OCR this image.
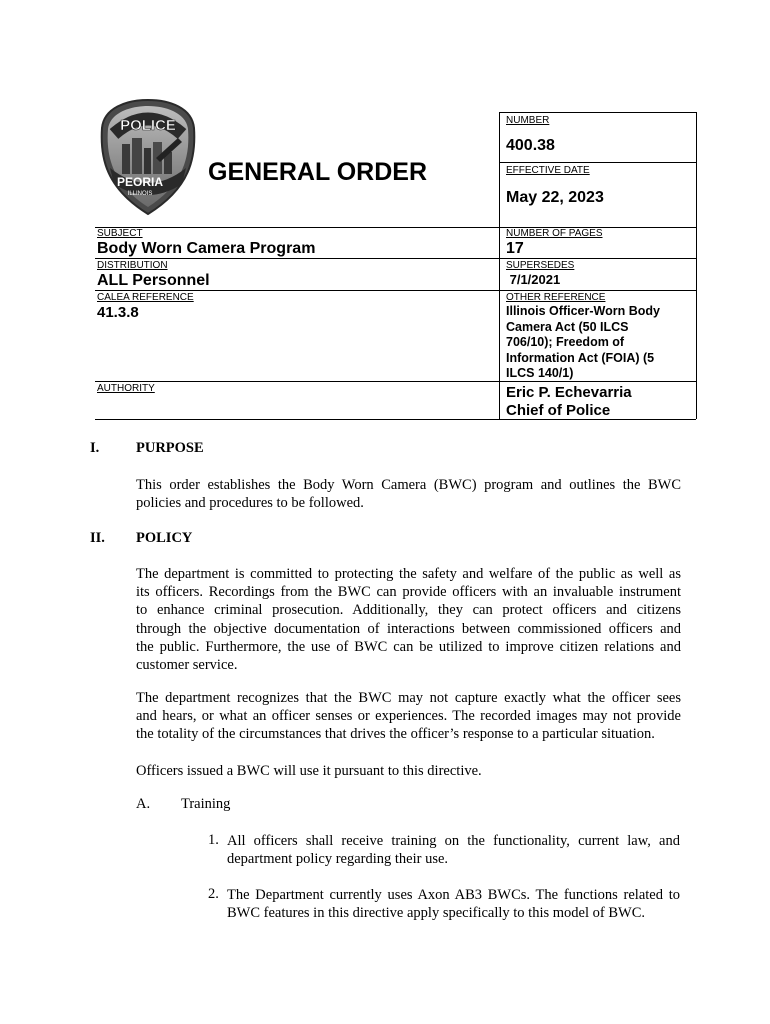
POLICE
PEORIA
ILLINOIS
GENERAL ORDER
NUMBER
400.38
EFFECTIVE DATE
May 22, 2023
NUMBER OF PAGES
17
SUPERSEDES
7/1/2021
OTHER REFERENCE
Illinois Officer-Worn Body
Camera Act (50 ILCS
706/10); Freedom of
Information Act (FOIA) (5
ILCS 140/1)
Eric P. Echevarria
Chief of Police
SUBJECT
Body Worn Camera Program
DISTRIBUTION
ALL Personnel
CALEA REFERENCE
41.3.8
AUTHORITY
I.	PURPOSE
This order establishes the Body Worn Camera (BWC) program and outlines the BWC
policies and procedures to be followed.
II. POLICY
The department is committed to protecting the safety and welfare of the public as well as
its officers. Recordings from the BWC can provide officers with an invaluable instrument
to enhance criminal prosecution. Additionally, they can protect officers and citizens
through the objective documentation of interactions between commissioned officers and
the public. Furthermore, the use of BWC can be utilized to improve citizen relations and
customer service.
The department recognizes that the BWC may not capture exactly what the officer sees
and hears, or what an officer senses or experiences. The recorded images may not provide
the totality of the circumstances that drives the officer’s response to a particular situation.
Officers issued a BWC will use it pursuant to this directive.
A. Training
1. All officers shall receive training on the functionality, current law, and
department policy regarding their use.
2. The Department currently uses Axon AB3 BWCs. The functions related to
BWC features in this directive apply specifically to this model of BWC.
